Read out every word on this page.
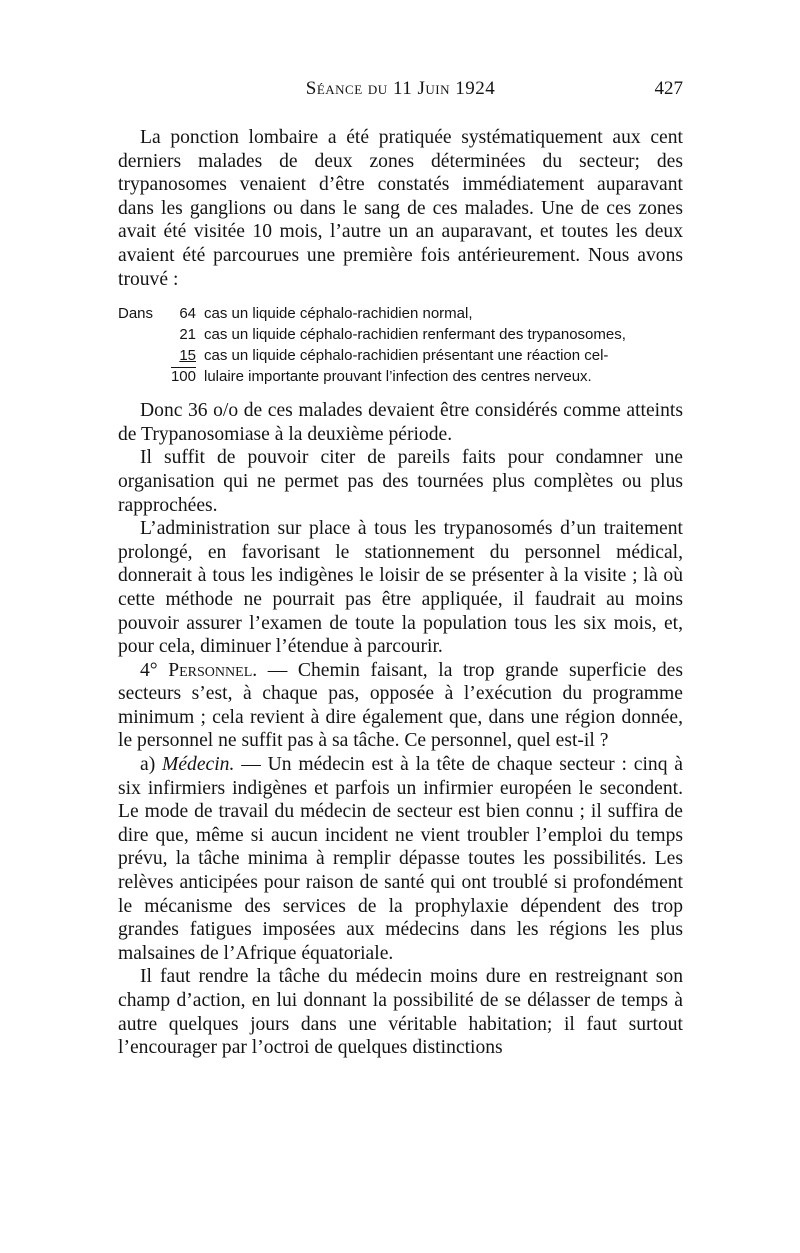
Séance du 11 Juin 1924	427

La ponction lombaire a été pratiquée systématiquement aux cent derniers malades de deux zones déterminées du secteur; des trypanosomes venaient d’être constatés immédiatement auparavant dans les ganglions ou dans le sang de ces malades. Une de ces zones avait été visitée 10 mois, l’autre un an auparavant, et toutes les deux avaient été parcourues une première fois antérieurement. Nous avons trouvé :

Dans	64 cas un liquide céphalo-rachidien normal,
21 cas un liquide céphalo-rachidien renfermant des trypanosomes,
15 cas un liquide céphalo-rachidien présentant une réaction cel-
100 lulaire importante prouvant l’infection des centres nerveux.

Donc 36 o/o de ces malades devaient être considérés comme atteints de Trypanosomiase à la deuxième période.

Il suffit de pouvoir citer de pareils faits pour condamner une organisation qui ne permet pas des tournées plus complètes ou plus rapprochées.

L’administration sur place à tous les trypanosomés d’un traitement prolongé, en favorisant le stationnement du personnel médical, donnerait à tous les indigènes le loisir de se présenter à la visite ; là où cette méthode ne pourrait pas être appliquée, il faudrait au moins pouvoir assurer l’examen de toute la population tous les six mois, et, pour cela, diminuer l’étendue à parcourir.

4° Personnel. — Chemin faisant, la trop grande superficie des secteurs s’est, à chaque pas, opposée à l’exécution du programme minimum ; cela revient à dire également que, dans une région donnée, le personnel ne suffit pas à sa tâche. Ce personnel, quel est-il ?

a) Médecin. — Un médecin est à la tête de chaque secteur : cinq à six infirmiers indigènes et parfois un infirmier européen le secondent. Le mode de travail du médecin de secteur est bien connu ; il suffira de dire que, même si aucun incident ne vient troubler l’emploi du temps prévu, la tâche minima à remplir dépasse toutes les possibilités. Les relèves anticipées pour raison de santé qui ont troublé si profondément le mécanisme des services de la prophylaxie dépendent des trop grandes fatigues imposées aux médecins dans les régions les plus malsaines de l’Afrique équatoriale.

Il faut rendre la tâche du médecin moins dure en restreignant son champ d’action, en lui donnant la possibilité de se délasser de temps à autre quelques jours dans une véritable habitation; il faut surtout l’encourager par l’octroi de quelques distinctions
